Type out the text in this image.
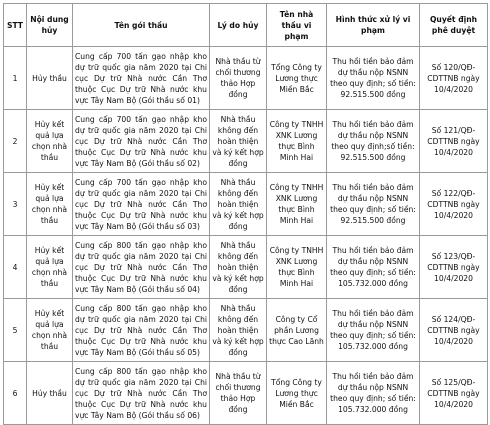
STT	Nội dung hủy	Tên gói thầu	Lý do hủy	Tên nhà thầu vi phạm	Hình thức xử lý vi phạm	Quyết định phê duyệt
1	Hủy thầu	Cung cấp 700 tấn gạo nhập kho dự trữ quốc gia năm 2020 tại Chi cục Dự trữ Nhà nước Cần Thơ thuộc Cục Dự trữ Nhà nước khu vực Tây Nam Bộ (Gói thầu số 01)	Nhà thầu từ chối thương thảo Hợp đồng	Tổng Công ty Lương thực Miền Bắc	Thu hồi tiền bảo đảm dự thầu nộp NSNN theo quy định; số tiền: 92.515.500 đồng	Số 120/QĐ-CDTTNB ngày 10/4/2020
2	Hủy kết quả lựa chọn nhà thầu	Cung cấp 700 tấn gạo nhập kho dự trữ quốc gia năm 2020 tại Chi cục Dự trữ Nhà nước Cần Thơ thuộc Cục Dự trữ Nhà nước khu vực Tây Nam Bộ (Gói thầu số 02)	Nhà thầu không đến hoàn thiện và ký kết hợp đồng	Công ty TNHH XNK Lương thực Bình Minh Hai	Thu hồi tiền bảo đảm dự thầu nộp NSNN theo quy định;số tiền: 92.515.500 đồng	Số 121/QĐ-CDTTNB ngày 10/4/2020
3	Hủy kết quả lựa chọn nhà thầu	Cung cấp 700 tấn gạo nhập kho dự trữ quốc gia năm 2020 tại Chi cục Dự trữ Nhà nước Cần Thơ thuộc Cục Dự trữ Nhà nước khu vực Tây Nam Bộ (Gói thầu số 03)	Nhà thầu không đến hoàn thiện và ký kết hợp đồng	Công ty TNHH XNK Lương thực Bình Minh Hai	Thu hồi tiền bảo đảm dự thầu nộp NSNN theo quy định; số tiền: 92.515.500 đồng	Số 122/QĐ-CDTTNB ngày 10/4/2020
4	Hủy kết quả lựa chọn nhà thầu	Cung cấp 800 tấn gạo nhập kho dự trữ quốc gia năm 2020 tại Chi cục Dự trữ Nhà nước Cần Thơ thuộc Cục Dự trữ Nhà nước khu vực Tây Nam Bộ (Gói thầu số 04)	Nhà thầu không đến hoàn thiện và ký kết hợp đồng	Công ty TNHH XNK Lương thực Bình Minh Hai	Thu hồi tiền bảo đảm dự thầu nộp NSNN theo quy định; số tiền: 105.732.000 đồng	Số 123/QĐ-CDTTNB ngày 10/4/2020
5	Hủy kết quả lựa chọn nhà thầu	Cung cấp 800 tấn gạo nhập kho dự trữ quốc gia năm 2020 tại Chi cục Dự trữ Nhà nước Cần Thơ thuộc Cục Dự trữ Nhà nước khu vực Tây Nam Bộ (Gói thầu số 05)	Nhà thầu không đến hoàn thiện và ký kết hợp đồng	Công ty Cổ phần Lương thực Cao Lãnh	Thu hồi tiền bảo đảm dự thầu nộp NSNN theo quy định; số tiền: 105.732.000 đồng	Số 124/QĐ-CDTTNB ngày 10/4/2020
6	Hủy thầu	Cung cấp 800 tấn gạo nhập kho dự trữ quốc gia năm 2020 tại Chi cục Dự trữ Nhà nước Cần Thơ thuộc Cục Dự trữ Nhà nước khu vực Tây Nam Bộ (Gói thầu số 06)	Nhà thầu từ chối thương thảo Hợp đồng	Tổng Công ty Lương thực Miền Bắc	Thu hồi tiền bảo đảm dự thầu nộp NSNN theo quy định; số tiền: 105.732.000 đồng	Số 125/QĐ-CDTTNB ngày 10/4/2020
